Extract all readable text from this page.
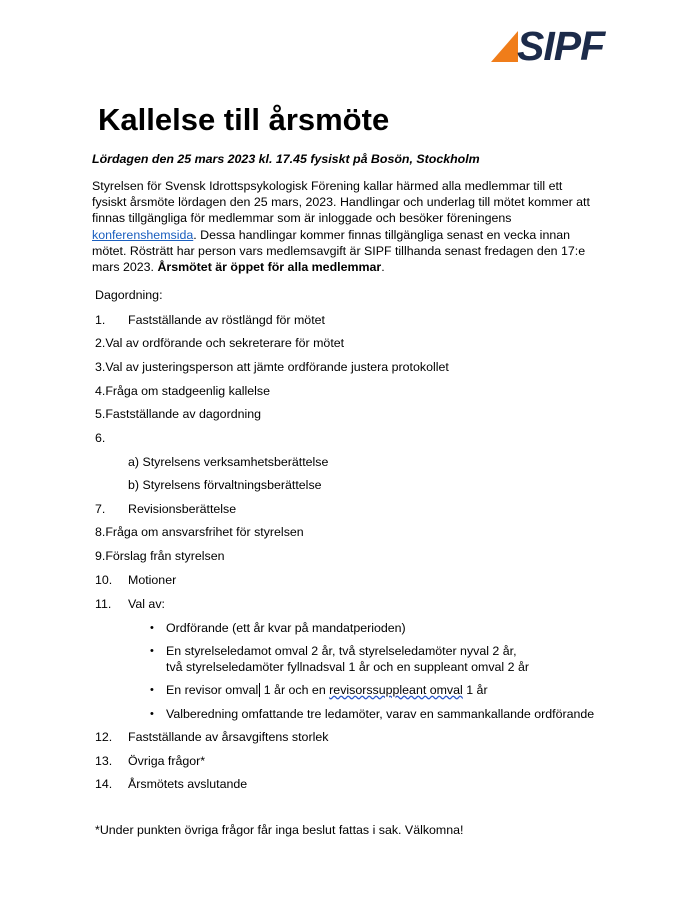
SIPF
Kallelse till årsmöte
Lördagen den 25 mars 2023 kl. 17.45 fysiskt på Bosön, Stockholm
Styrelsen för Svensk Idrottspsykologisk Förening kallar härmed alla medlemmar till ett fysiskt årsmöte lördagen den 25 mars, 2023. Handlingar och underlag till mötet kommer att finnas tillgängliga för medlemmar som är inloggade och besöker föreningens konferenshemsida. Dessa handlingar kommer finnas tillgängliga senast en vecka innan mötet. Rösträtt har person vars medlemsavgift är SIPF tillhanda senast fredagen den 17:e mars 2023. Årsmötet är öppet för alla medlemmar.
Dagordning:
1. Fastställande av röstlängd för mötet
2.Val av ordförande och sekreterare för mötet
3.Val av justeringsperson att jämte ordförande justera protokollet
4.Fråga om stadgeenlig kallelse
5.Fastställande av dagordning
6.
a) Styrelsens verksamhetsberättelse
b) Styrelsens förvaltningsberättelse
7. Revisionsberättelse
8.Fråga om ansvarsfrihet för styrelsen
9.Förslag från styrelsen
10. Motioner
11. Val av:
• Ordförande (ett år kvar på mandatperioden)
• En styrelseledamot omval 2 år, två styrelseledamöter nyval 2 år,
två styrelseledamöter fyllnadsval 1 år och en suppleant omval 2 år
• En revisor omval 1 år och en revisorssuppleant omval 1 år
• Valberedning omfattande tre ledamöter, varav en sammankallande ordförande
12. Fastställande av årsavgiftens storlek
13. Övriga frågor*
14. Årsmötets avslutande
*Under punkten övriga frågor får inga beslut fattas i sak. Välkomna!
